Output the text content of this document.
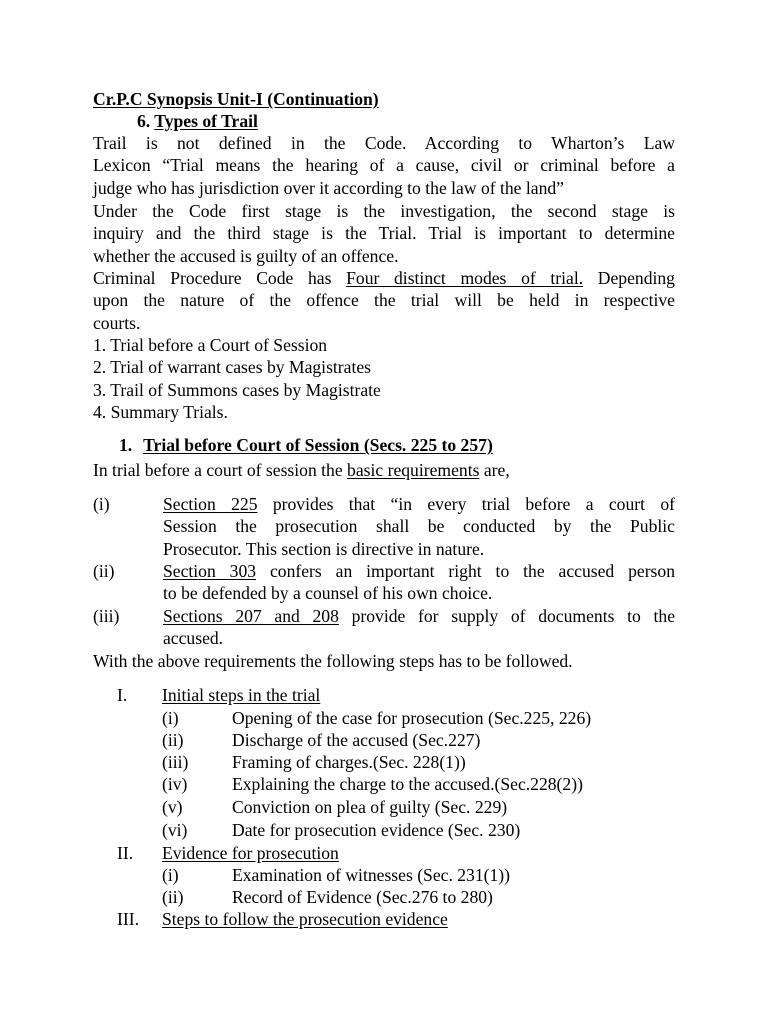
Cr.P.C Synopsis Unit-I (Continuation)
6. Types of Trail
Trail is not defined in the Code. According to Wharton’s Law
Lexicon “Trial means the hearing of a cause, civil or criminal before a
judge who has jurisdiction over it according to the law of the land”
Under the Code first stage is the investigation, the second stage is
inquiry and the third stage is the Trial. Trial is important to determine
whether the accused is guilty of an offence.
Criminal Procedure Code has Four distinct modes of trial. Depending
upon the nature of the offence the trial will be held in respective
courts.
1. Trial before a Court of Session
2. Trial of warrant cases by Magistrates
3. Trail of Summons cases by Magistrate
4. Summary Trials.
1. Trial before Court of Session (Secs. 225 to 257)
In trial before a court of session the basic requirements are,
(i)	Section 225 provides that “in every trial before a court of
Session the prosecution shall be conducted by the Public
Prosecutor. This section is directive in nature.
(ii)	Section 303 confers an important right to the accused person
to be defended by a counsel of his own choice.
(iii) Sections 207 and 208 provide for supply of documents to the
accused.
With the above requirements the following steps has to be followed.
I. Initial steps in the trial
(i)	Opening of the case for prosecution (Sec.225, 226)
(ii)	Discharge of the accused (Sec.227)
(iii) Framing of charges.(Sec. 228(1))
(iv)	Explaining the charge to the accused.(Sec.228(2))
(v)	Conviction on plea of guilty (Sec. 229)
(vi)	Date for prosecution evidence (Sec. 230)
II. Evidence for prosecution
(i)	Examination of witnesses (Sec. 231(1))
(ii)	Record of Evidence (Sec.276 to 280)
III. Steps to follow the prosecution evidence
